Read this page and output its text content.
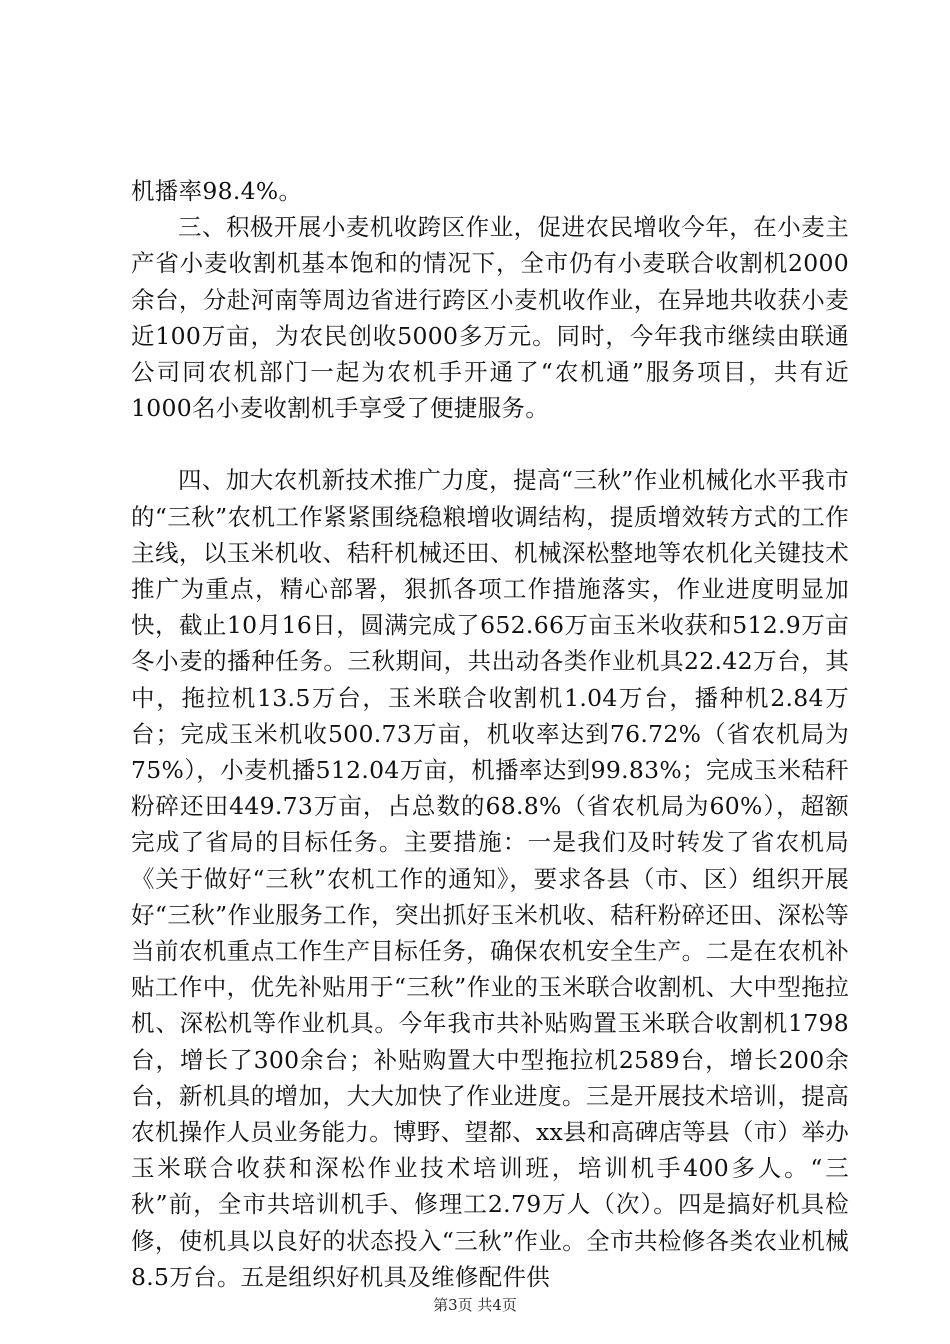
机播率98.4%。

三、积极开展小麦机收跨区作业，促进农民增收今年，在小麦主产省小麦收割机基本饱和的情况下，全市仍有小麦联合收割机2000余台，分赴河南等周边省进行跨区小麦机收作业，在异地共收获小麦近100万亩，为农民创收5000多万元。同时，今年我市继续由联通公司同农机部门一起为农机手开通了“农机通”服务项目，共有近1000名小麦收割机手享受了便捷服务。

四、加大农机新技术推广力度，提高“三秋”作业机械化水平我市的“三秋”农机工作紧紧围绕稳粮增收调结构，提质增效转方式的工作主线，以玉米机收、秸秆机械还田、机械深松整地等农机化关键技术推广为重点，精心部署，狠抓各项工作措施落实，作业进度明显加快，截止10月16日，圆满完成了652.66万亩玉米收获和512.9万亩冬小麦的播种任务。三秋期间，共出动各类作业机具22.42万台，其中，拖拉机13.5万台，玉米联合收割机1.04万台，播种机2.84万台；完成玉米机收500.73万亩，机收率达到76.72%（省农机局为75%），小麦机播512.04万亩，机播率达到99.83%；完成玉米秸秆粉碎还田449.73万亩，占总数的68.8%（省农机局为60%），超额完成了省局的目标任务。主要措施：一是我们及时转发了省农机局《关于做好“三秋”农机工作的通知》，要求各县（市、区）组织开展好“三秋”作业服务工作，突出抓好玉米机收、秸秆粉碎还田、深松等当前农机重点工作生产目标任务，确保农机安全生产。二是在农机补贴工作中，优先补贴用于“三秋”作业的玉米联合收割机、大中型拖拉机、深松机等作业机具。今年我市共补贴购置玉米联合收割机1798台，增长了300余台；补贴购置大中型拖拉机2589台，增长200余台，新机具的增加，大大加快了作业进度。三是开展技术培训，提高农机操作人员业务能力。博野、望都、xx县和高碑店等县（市）举办玉米联合收获和深松作业技术培训班，培训机手400多人。“三秋”前，全市共培训机手、修理工2.79万人（次）。四是搞好机具检修，使机具以良好的状态投入“三秋”作业。全市共检修各类农业机械8.5万台。五是组织好机具及维修配件供

第3页 共4页
